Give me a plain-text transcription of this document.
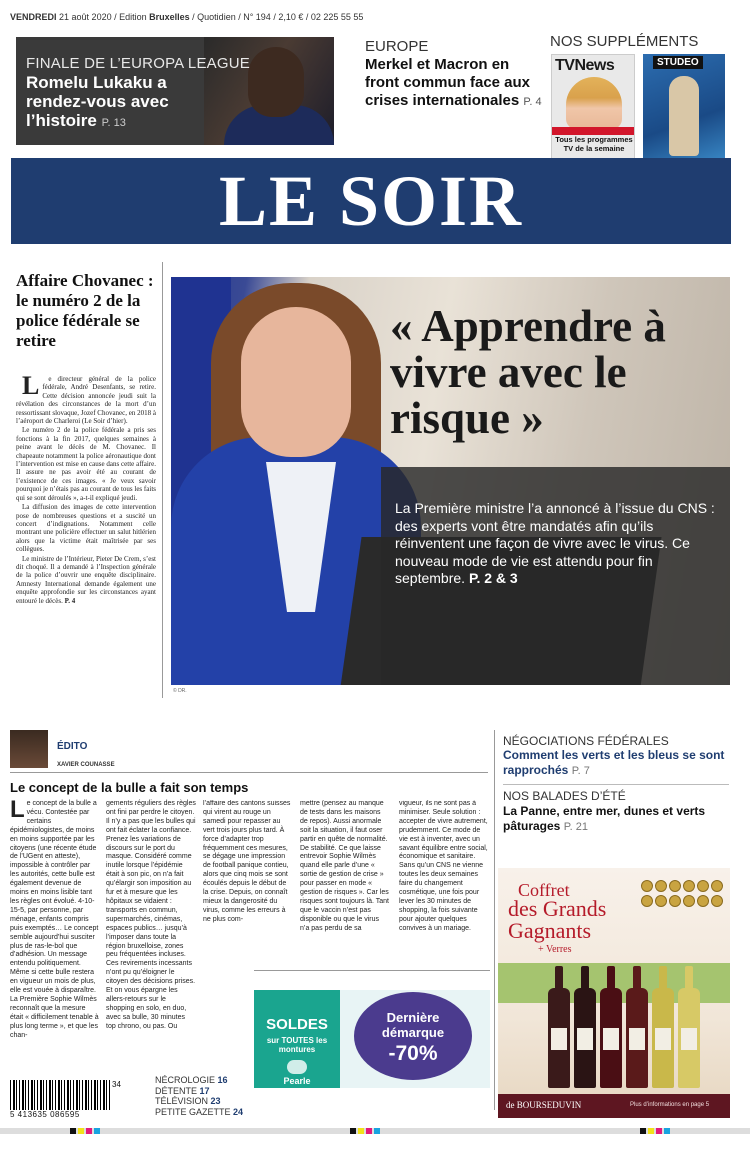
VENDREDI 21 août 2020 / Edition Bruxelles / Quotidien / N° 194 / 2,10 € / 02 225 55 55
FINALE DE L’EUROPA LEAGUE
Romelu Lukaku a rendez-vous avec l’histoire P. 13
EUROPE
Merkel et Macron en front commun face aux crises internationales P. 4
NOS SUPPLÉMENTS
TVNews
Tous les programmes TV de la semaine
STUDEO
LE SOIR
Affaire Chovanec : le numéro 2 de la police fédérale se retire

Le directeur général de la police fédérale, André Desenfants, se retire. Cette décision annoncée jeudi suit la révélation des circonstances de la mort d’un ressortissant slovaque, Jozef Chovanec, en 2018 à l’aéroport de Charleroi (Le Soir d’hier).

Le numéro 2 de la police fédérale a pris ses fonctions à la fin 2017, quelques semaines à peine avant le décès de M. Chovanec. Il chapeaute notamment la police aéronautique dont l’intervention est mise en cause dans cette affaire. Il assure ne pas avoir été au courant de l’existence de ces images. « Je veux savoir pourquoi je n’étais pas au courant de tous les faits qui se sont déroulés », a-t-il expliqué jeudi.

La diffusion des images de cette intervention pose de nombreuses questions et a suscité un concert d’indignations. Notamment celle montrant une policière effectuer un salut hitlérien alors que la victime était maîtrisée par ses collègues.

Le ministre de l’Intérieur, Pieter De Crem, s’est dit choqué. Il a demandé à l’Inspection générale de la police d’ouvrir une enquête disciplinaire. Amnesty International demande également une enquête approfondie sur les circonstances ayant entouré le décès. P. 4

© DR.
« Apprendre à vivre avec le risque »
La Première ministre l’a annoncé à l’issue du CNS : des experts vont être mandatés afin qu’ils réinventent une façon de vivre avec le virus. Ce nouveau mode de vie est attendu pour fin septembre. P. 2 & 3
ÉDITO
XAVIER COUNASSE
Le concept de la bulle a fait son temps

Le concept de la bulle a vécu. Contestée par certains épidémiologistes, de moins en moins supportée par les citoyens (une récente étude de l’UGent en atteste), impossible à contrôler par les autorités, cette bulle est également devenue de moins en moins lisible tant les règles ont évolué. 4-10-15-5, par personne, par ménage, enfants compris puis exemptés… Le concept semble aujourd’hui susciter plus de ras-le-bol que d’adhésion. Un message entendu politiquement. Même si cette bulle restera en vigueur un mois de plus, elle est vouée à disparaître. La Première Sophie Wilmès reconnaît que la mesure était « difficilement tenable à plus long terme », et que les chan-

gements réguliers des règles ont fini par perdre le citoyen. Il n’y a pas que les bulles qui ont fait éclater la confiance. Prenez les variations de discours sur le port du masque. Considéré comme inutile lorsque l’épidémie était à son pic, on n’a fait qu’élargir son imposition au fur et à mesure que les hôpitaux se vidaient : transports en commun, supermarchés, cinémas, espaces publics… jusqu’à l’imposer dans toute la région bruxelloise, zones peu fréquentées incluses. Ces revirements incessants n’ont pu qu’éloigner le citoyen des décisions prises. Et on vous épargne les allers-retours sur le shopping en solo, en duo, avec sa bulle, 30 minutes top chrono, ou pas. Ou

l’affaire des cantons suisses qui virent au rouge un samedi pour repasser au vert trois jours plus tard. À force d’adapter trop fréquemment ces mesures, se dégage une impression de football panique contieu, alors que cinq mois se sont écoulés depuis le début de la crise. Depuis, on connaît mieux la dangerosité du virus, comme les erreurs à ne plus com-

mettre (pensez au manque de tests dans les maisons de repos). Aussi anormale soit la situation, il faut oser partir en quête de normalité. De stabilité. Ce que laisse entrevoir Sophie Wilmès quand elle parle d’une « sortie de gestion de crise » pour passer en mode « gestion de risques ». Car les risques sont toujours là. Tant que le vaccin n’est pas disponible ou que le virus n’a pas perdu de sa

vigueur, ils ne sont pas à minimiser. Seule solution : accepter de vivre autrement, prudemment. Ce mode de vie est à inventer, avec un savant équilibre entre social, économique et sanitaire. Sans qu’un CNS ne vienne toutes les deux semaines faire du changement cosmétique, une fois pour lever les 30 minutes de shopping, la fois suivante pour ajouter quelques convives à un mariage.

SOLDES
sur TOUTES les montures
Pearle
Dernière démarque
-70%
NÉGOCIATIONS FÉDÉRALES
Comment les verts et les bleus se sont rapprochés P. 7
NOS BALADES D’ÉTÉ
La Panne, entre mer, dunes et verts pâturages P. 21
Coffret
des Grands Gagnants
+ Verres
de BOURSEDUVIN	Plus d’informations en page 5
5 413635 086595
34	NÉCROLOGIE 16
DÉTENTE 17
TÉLÉVISION 23
PETITE GAZETTE 24
